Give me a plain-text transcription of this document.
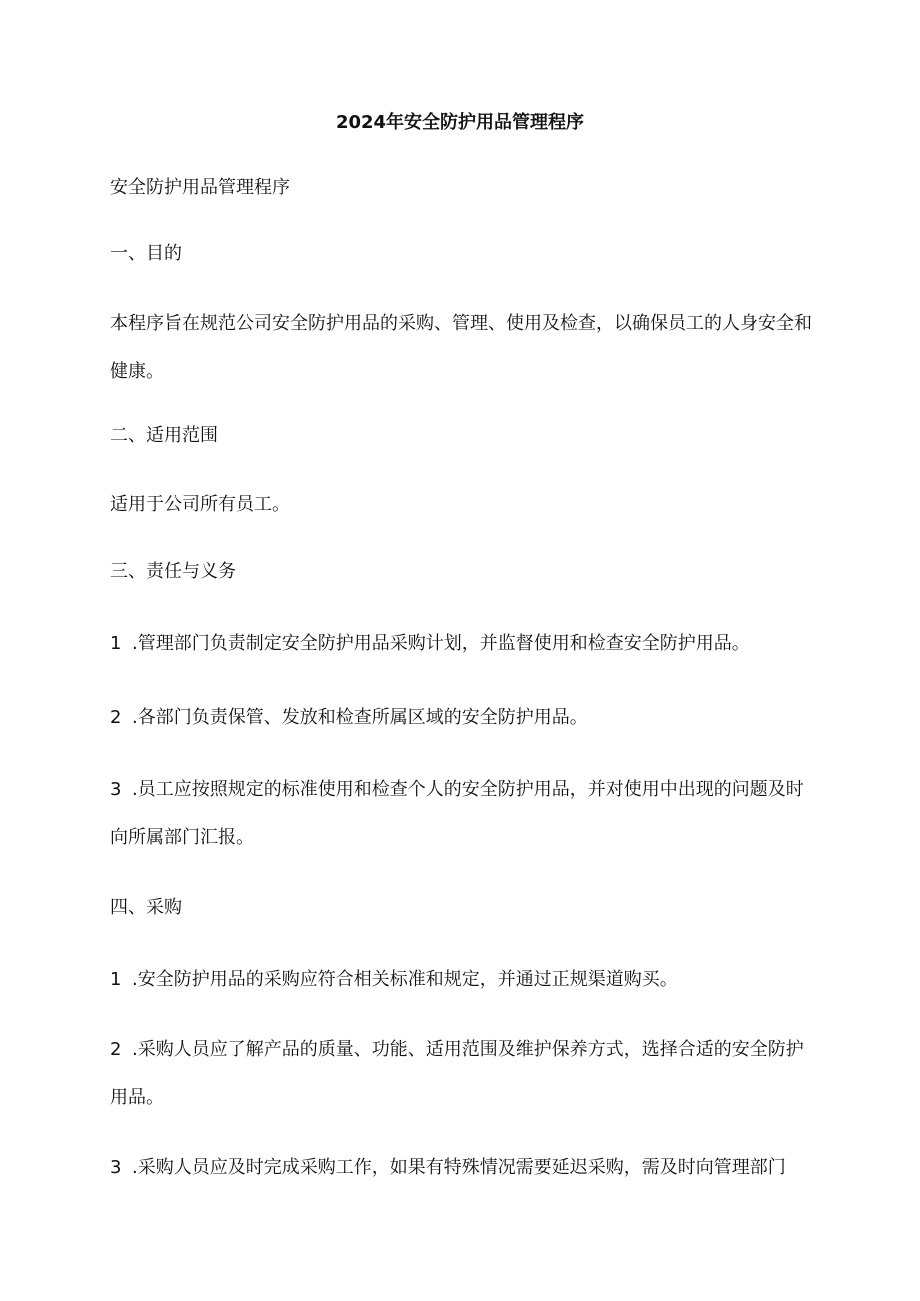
2024年安全防护用品管理程序

安全防护用品管理程序

一、目的

本程序旨在规范公司安全防护用品的采购、管理、使用及检查，以确保员工的人身安全和健康。

二、适用范围

适用于公司所有员工。

三、责任与义务

1 .管理部门负责制定安全防护用品采购计划，并监督使用和检查安全防护用品。

2 .各部门负责保管、发放和检查所属区域的安全防护用品。

3 .员工应按照规定的标准使用和检查个人的安全防护用品，并对使用中出现的问题及时向所属部门汇报。

四、采购

1 .安全防护用品的采购应符合相关标准和规定，并通过正规渠道购买。

2 .采购人员应了解产品的质量、功能、适用范围及维护保养方式，选择合适的安全防护用品。

3 .采购人员应及时完成采购工作，如果有特殊情况需要延迟采购，需及时向管理部门
